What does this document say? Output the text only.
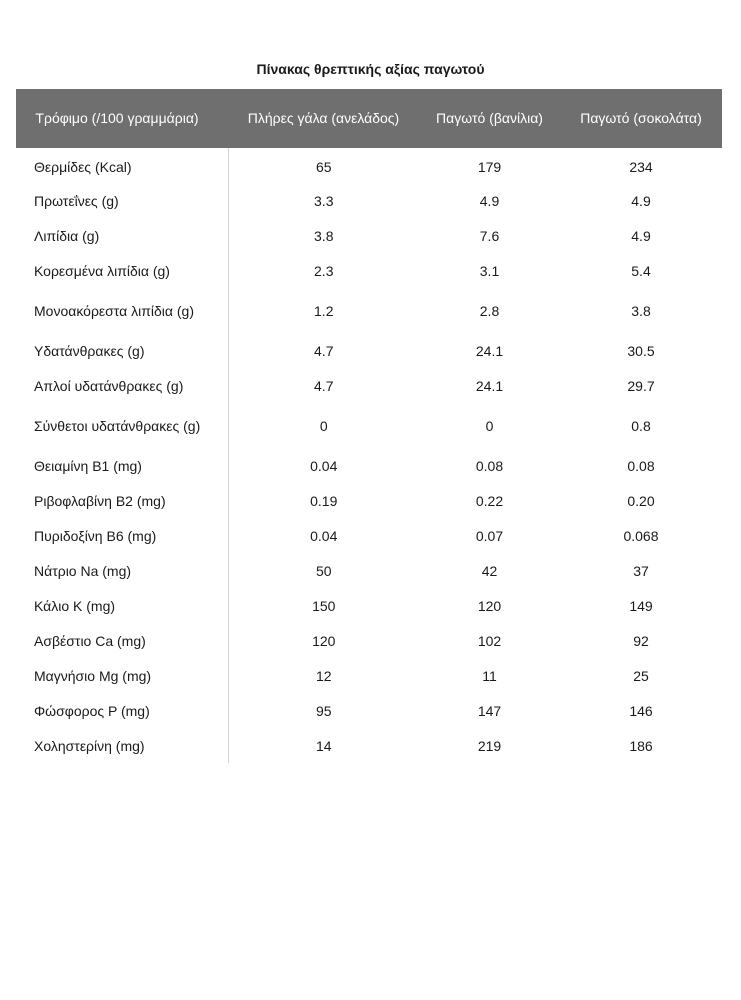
Πίνακας θρεπτικής αξίας παγωτού
Τρόφιμο (/100 γραμμάρια)	Πλήρες γάλα (ανελάδος)	Παγωτό (βανίλια)	Παγωτό (σοκολάτα)
Θερμίδες (Kcal)	65	179	234
Πρωτεΐνες (g)	3.3	4.9	4.9
Λιπίδια (g)	3.8	7.6	4.9
Κορεσμένα λιπίδια (g)	2.3	3.1	5.4
Μονοακόρεστα λιπίδια (g)	1.2	2.8	3.8
Υδατάνθρακες (g)	4.7	24.1	30.5
Απλοί υδατάνθρακες (g)	4.7	24.1	29.7
Σύνθετοι υδατάνθρακες (g)	0	0	0.8
Θειαμίνη B1 (mg)	0.04	0.08	0.08
Ριβοφλαβίνη B2 (mg)	0.19	0.22	0.20
Πυριδοξίνη B6 (mg)	0.04	0.07	0.068
Νάτριο Na (mg)	50	42	37
Κάλιο K (mg)	150	120	149
Ασβέστιο Ca (mg)	120	102	92
Μαγνήσιο Mg (mg)	12	11	25
Φώσφορος P (mg)	95	147	146
Χοληστερίνη (mg)	14	219	186
